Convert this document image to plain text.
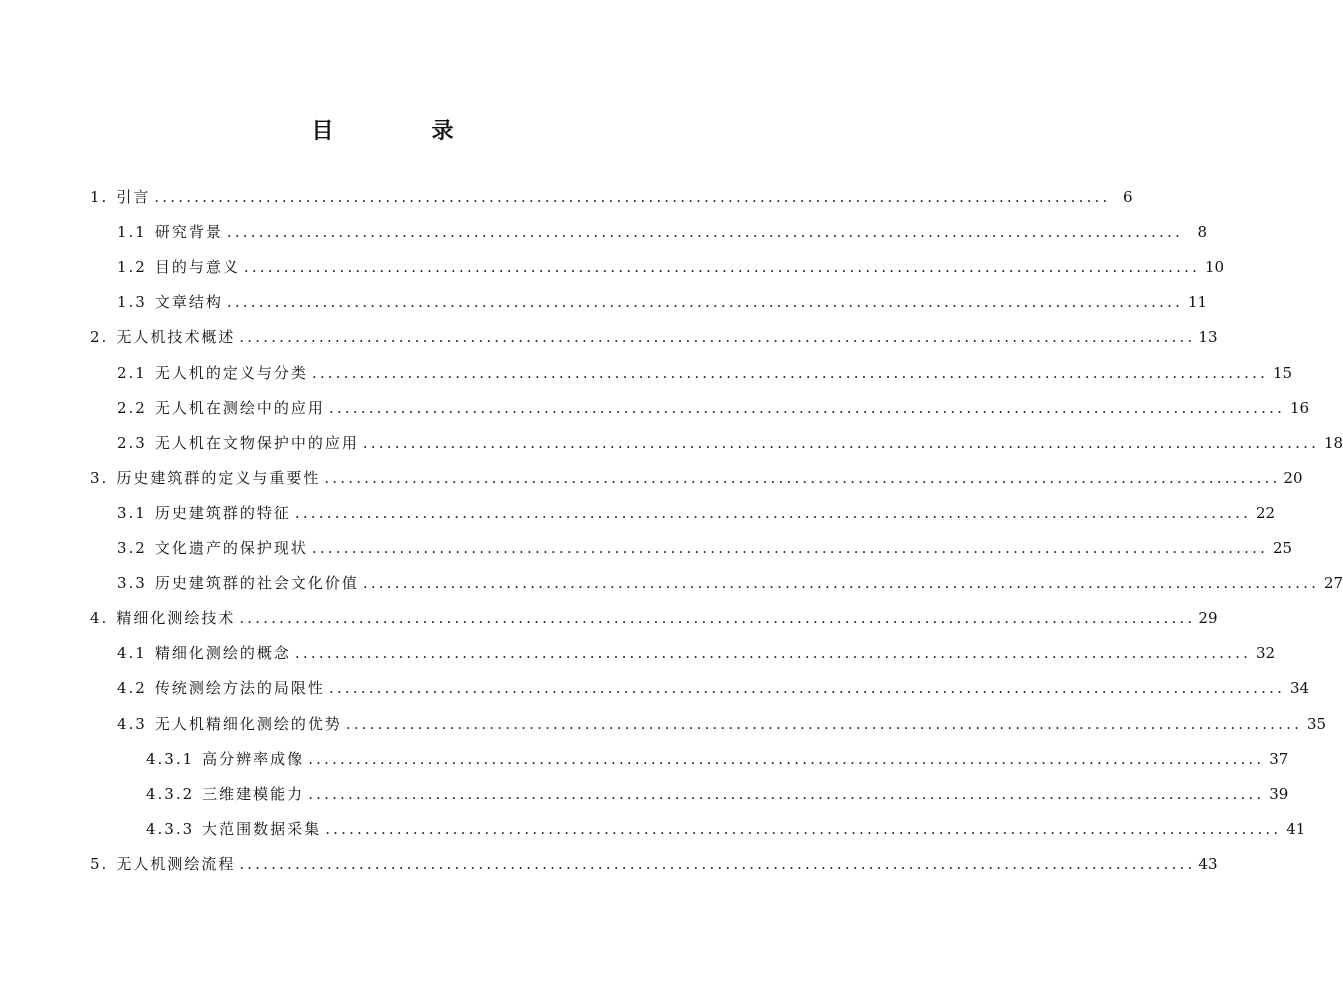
目　录
1. 引言 ........................................................................................................................ 6
1.1 研究背景 ........................................................................................................................ 8
1.2 目的与意义 ........................................................................................................................ 10
1.3 文章结构 ........................................................................................................................ 11
2. 无人机技术概述 ........................................................................................................................ 13
2.1 无人机的定义与分类 ........................................................................................................................ 15
2.2 无人机在测绘中的应用 ........................................................................................................................ 16
2.3 无人机在文物保护中的应用 ........................................................................................................................ 18
3. 历史建筑群的定义与重要性 ........................................................................................................................ 20
3.1 历史建筑群的特征 ........................................................................................................................ 22
3.2 文化遗产的保护现状 ........................................................................................................................ 25
3.3 历史建筑群的社会文化价值 ........................................................................................................................ 27
4. 精细化测绘技术 ........................................................................................................................ 29
4.1 精细化测绘的概念 ........................................................................................................................ 32
4.2 传统测绘方法的局限性 ........................................................................................................................ 34
4.3 无人机精细化测绘的优势 ........................................................................................................................ 35
4.3.1 高分辨率成像 ........................................................................................................................ 37
4.3.2 三维建模能力 ........................................................................................................................ 39
4.3.3 大范围数据采集 ........................................................................................................................ 41
5. 无人机测绘流程 ........................................................................................................................ 43
